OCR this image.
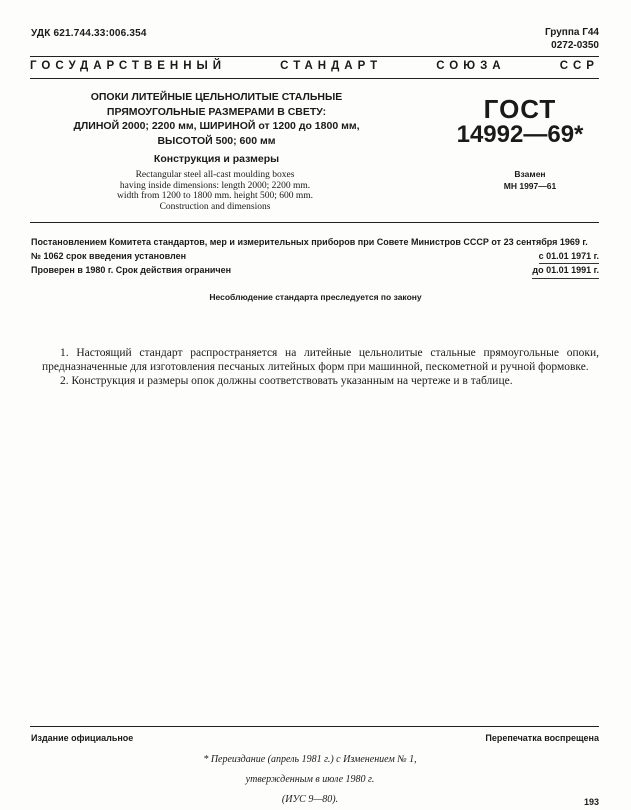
УДК 621.744.33:006.354	Группа Г44
0272-0350
ГОСУДАРСТВЕННЫЙ	СТАНДАРТ	СОЮЗА	ССР
ОПОКИ ЛИТЕЙНЫЕ ЦЕЛЬНОЛИТЫЕ СТАЛЬНЫЕ
ПРЯМОУГОЛЬНЫЕ РАЗМЕРАМИ В СВЕТУ:
ДЛИНОЙ 2000; 2200 мм, ШИРИНОЙ от 1200 до 1800 мм,
ВЫСОТОЙ 500; 600 мм
Конструкция и размеры
Rectangular steel all-cast moulding boxes
having inside dimensions: length 2000; 2200 mm.
width from 1200 to 1800 mm. height 500; 600 mm.
Construction and dimensions
ГОСТ
14992—69*
Взамен
МН 1997—61
Постановлением Комитета стандартов, мер и измерительных приборов при Совете Министров СССР от 23 сентября 1969 г.
№ 1062 срок введения установлен	с 01.01 1971 г.
Проверен в 1980 г. Срок действия ограничен	до 01.01 1991 г.
Несоблюдение стандарта преследуется по закону

1. Настоящий стандарт распространяется на литейные цельнолитые стальные прямоугольные опоки, предназначенные для изготовления песчаных литейных форм при машинной, пескометной и ручной формовке.

2. Конструкция и размеры опок должны соответствовать указанным на чертеже и в таблице.

Издание официальное	Перепечатка воспрещена
* Переиздание (апрель 1981 г.) с Изменением № 1,
утвержденным в июле 1980 г.
(ИУС 9—80).	193
